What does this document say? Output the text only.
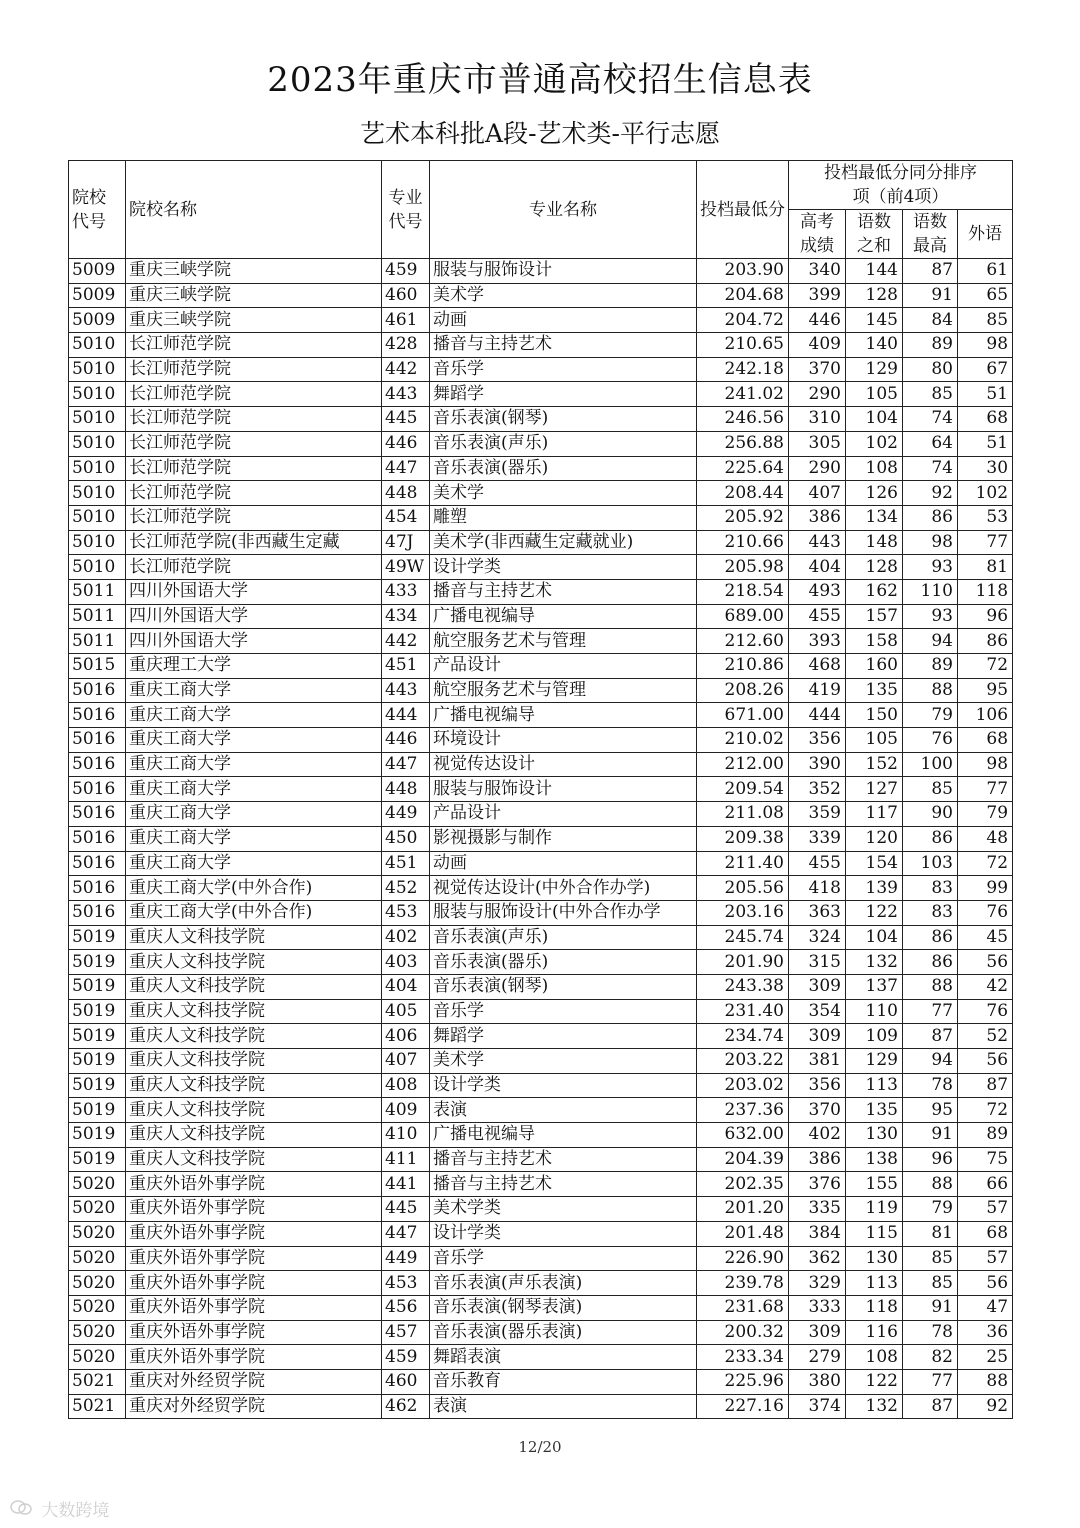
2023年重庆市普通高校招生信息表
艺术本科批A段-艺术类-平行志愿
院校代号	院校名称	专业代号	专业名称	投档最低分	投档最低分同分排序项（前4项）			
					高考成绩	语数之和	语数最高	外语
5009	重庆三峡学院	459	服装与服饰设计	203.90	340	144	87	61
5009	重庆三峡学院	460	美术学	204.68	399	128	91	65
5009	重庆三峡学院	461	动画	204.72	446	145	84	85
5010	长江师范学院	428	播音与主持艺术	210.65	409	140	89	98
5010	长江师范学院	442	音乐学	242.18	370	129	80	67
5010	长江师范学院	443	舞蹈学	241.02	290	105	85	51
5010	长江师范学院	445	音乐表演(钢琴)	246.56	310	104	74	68
5010	长江师范学院	446	音乐表演(声乐)	256.88	305	102	64	51
5010	长江师范学院	447	音乐表演(器乐)	225.64	290	108	74	30
5010	长江师范学院	448	美术学	208.44	407	126	92	102
5010	长江师范学院	454	雕塑	205.92	386	134	86	53
5010	长江师范学院(非西藏生定藏	47J	美术学(非西藏生定藏就业)	210.66	443	148	98	77
5010	长江师范学院	49W	设计学类	205.98	404	128	93	81
5011	四川外国语大学	433	播音与主持艺术	218.54	493	162	110	118
5011	四川外国语大学	434	广播电视编导	689.00	455	157	93	96
5011	四川外国语大学	442	航空服务艺术与管理	212.60	393	158	94	86
5015	重庆理工大学	451	产品设计	210.86	468	160	89	72
5016	重庆工商大学	443	航空服务艺术与管理	208.26	419	135	88	95
5016	重庆工商大学	444	广播电视编导	671.00	444	150	79	106
5016	重庆工商大学	446	环境设计	210.02	356	105	76	68
5016	重庆工商大学	447	视觉传达设计	212.00	390	152	100	98
5016	重庆工商大学	448	服装与服饰设计	209.54	352	127	85	77
5016	重庆工商大学	449	产品设计	211.08	359	117	90	79
5016	重庆工商大学	450	影视摄影与制作	209.38	339	120	86	48
5016	重庆工商大学	451	动画	211.40	455	154	103	72
5016	重庆工商大学(中外合作)	452	视觉传达设计(中外合作办学)	205.56	418	139	83	99
5016	重庆工商大学(中外合作)	453	服装与服饰设计(中外合作办学	203.16	363	122	83	76
5019	重庆人文科技学院	402	音乐表演(声乐)	245.74	324	104	86	45
5019	重庆人文科技学院	403	音乐表演(器乐)	201.90	315	132	86	56
5019	重庆人文科技学院	404	音乐表演(钢琴)	243.38	309	137	88	42
5019	重庆人文科技学院	405	音乐学	231.40	354	110	77	76
5019	重庆人文科技学院	406	舞蹈学	234.74	309	109	87	52
5019	重庆人文科技学院	407	美术学	203.22	381	129	94	56
5019	重庆人文科技学院	408	设计学类	203.02	356	113	78	87
5019	重庆人文科技学院	409	表演	237.36	370	135	95	72
5019	重庆人文科技学院	410	广播电视编导	632.00	402	130	91	89
5019	重庆人文科技学院	411	播音与主持艺术	204.39	386	138	96	75
5020	重庆外语外事学院	441	播音与主持艺术	202.35	376	155	88	66
5020	重庆外语外事学院	445	美术学类	201.20	335	119	79	57
5020	重庆外语外事学院	447	设计学类	201.48	384	115	81	68
5020	重庆外语外事学院	449	音乐学	226.90	362	130	85	57
5020	重庆外语外事学院	453	音乐表演(声乐表演)	239.78	329	113	85	56
5020	重庆外语外事学院	456	音乐表演(钢琴表演)	231.68	333	118	91	47
5020	重庆外语外事学院	457	音乐表演(器乐表演)	200.32	309	116	78	36
5020	重庆外语外事学院	459	舞蹈表演	233.34	279	108	82	25
5021	重庆对外经贸学院	460	音乐教育	225.96	380	122	77	88
5021	重庆对外经贸学院	462	表演	227.16	374	132	87	92
12/20
大数跨境
